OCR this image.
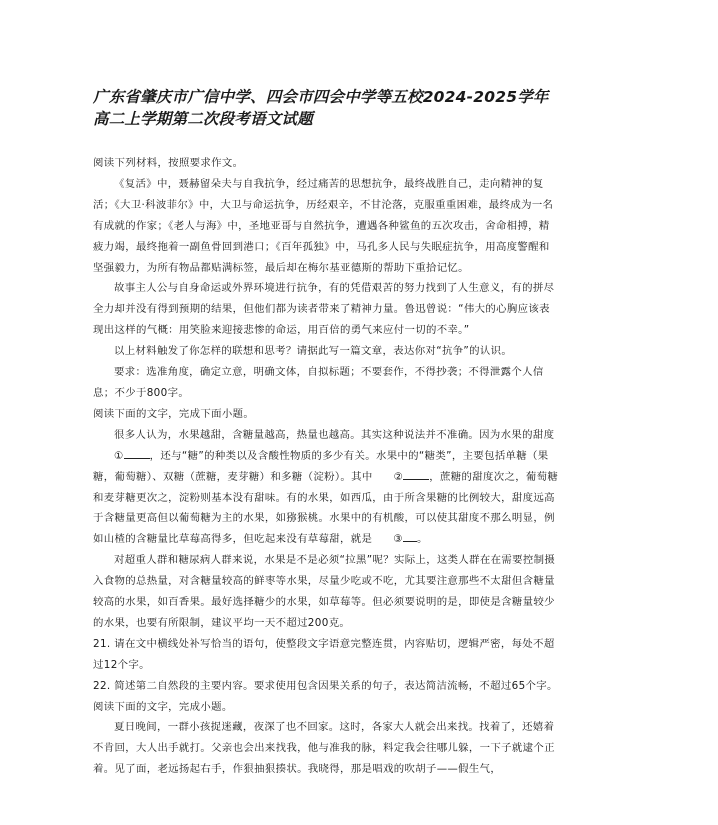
广东省肇庆市广信中学、四会市四会中学等五校2024-2025学年高二上学期第二次段考语文试题

阅读下列材料，按照要求作文。

《复活》中，聂赫留朵夫与自我抗争，经过痛苦的思想抗争，最终战胜自己，走向精神的复活；《大卫·科波菲尔》中，大卫与命运抗争，历经艰辛，不甘沦落，克服重重困难，最终成为一名有成就的作家；《老人与海》中，圣地亚哥与自然抗争，遭遇各种鲨鱼的五次攻击，舍命相搏，精疲力竭，最终拖着一副鱼骨回到港口；《百年孤独》中，马孔多人民与失眠症抗争，用高度警醒和坚强毅力，为所有物品都贴满标签，最后却在梅尔基亚德斯的帮助下重拾记忆。

故事主人公与自身命运或外界环境进行抗争，有的凭借艰苦的努力找到了人生意义，有的拼尽全力却并没有得到预期的结果，但他们都为读者带来了精神力量。鲁迅曾说：“伟大的心胸应该表现出这样的气概：用笑脸来迎接悲惨的命运，用百倍的勇气来应付一切的不幸。”

以上材料触发了你怎样的联想和思考？请据此写一篇文章，表达你对“抗争”的认识。

要求：选准角度，确定立意，明确文体，自拟标题；不要套作，不得抄袭；不得泄露个人信息；不少于800字。

阅读下面的文字，完成下面小题。

很多人认为，水果越甜，含糖量越高，热量也越高。其实这种说法并不准确。因为水果的甜度①	，还与“糖”的种类以及含酸性物质的多少有关。水果中的“糖类”，主要包括单糖（果糖，葡萄糖）、双糖（蔗糖，麦芽糖）和多糖（淀粉）。其中 ②	，蔗糖的甜度次之，葡萄糖和麦芽糖更次之，淀粉则基本没有甜味。有的水果，如西瓜，由于所含果糖的比例较大，甜度远高于含糖量更高但以葡萄糖为主的水果，如猕猴桃。水果中的有机酸，可以使其甜度不那么明显，例如山楂的含糖量比草莓高得多，但吃起来没有草莓甜，就是 ③ 。

对超重人群和糖尿病人群来说，水果是不是必须“拉黑”呢？实际上，这类人群在在需要控制摄入食物的总热量，对含糖量较高的鲜枣等水果，尽量少吃或不吃，尤其要注意那些不太甜但含糖量较高的水果，如百香果。最好选择糖少的水果，如草莓等。但必须要说明的是，即使是含糖量较少的水果，也要有所限制，建议平均一天不超过200克。

21. 请在文中横线处补写恰当的语句，使整段文字语意完整连贯，内容贴切，逻辑严密，每处不超过12个字。

22. 简述第二自然段的主要内容。要求使用包含因果关系的句子，表达简洁流畅，不超过65个字。

阅读下面的文字，完成小题。

夏日晚间，一群小孩捉迷藏，夜深了也不回家。这时，各家大人就会出来找。找着了，还嬉着不肯回，大人出手就打。父亲也会出来找我，他与准我的脉，料定我会往哪儿躲，一下子就逮个正着。见了面，老远扬起右手，作狠抽狠揍状。我晓得，那是唱戏的吹胡子——假生气，
